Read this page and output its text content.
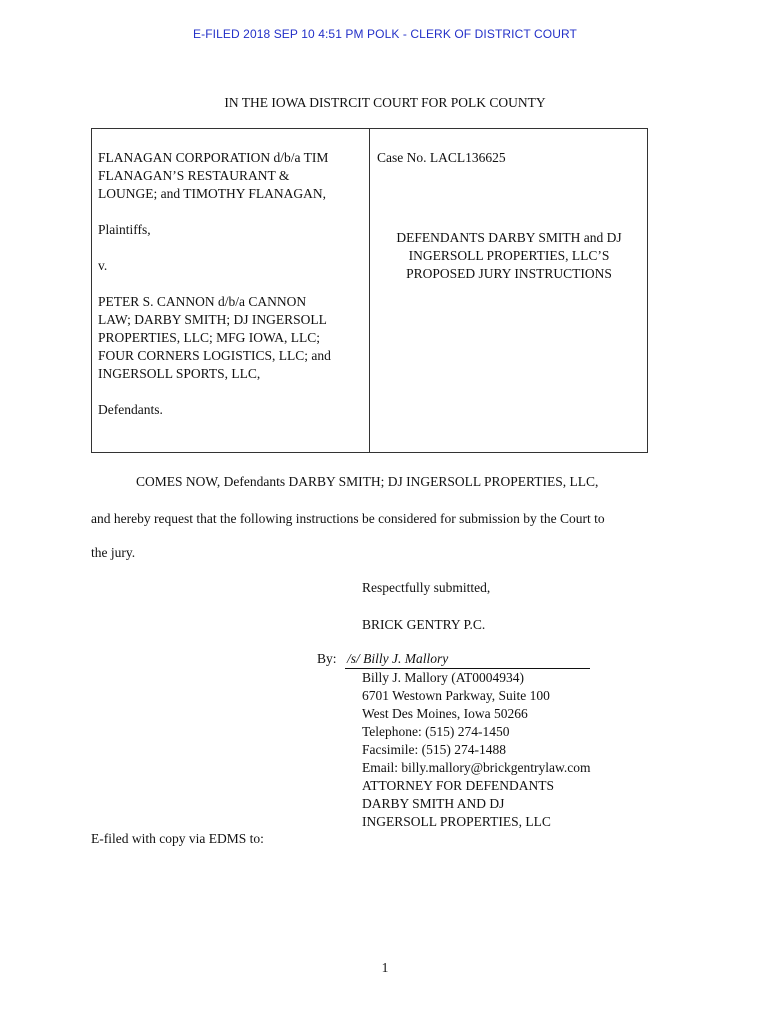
E-FILED 2018 SEP 10 4:51 PM POLK - CLERK OF DISTRICT COURT
IN THE IOWA DISTRCIT COURT FOR POLK COUNTY

FLANAGAN CORPORATION d/b/a TIM

FLANAGAN’S RESTAURANT &

LOUNGE; and TIMOTHY FLANAGAN,

Plaintiffs,

v.

PETER S. CANNON d/b/a CANNON

LAW; DARBY SMITH; DJ INGERSOLL

PROPERTIES, LLC; MFG IOWA, LLC;

FOUR CORNERS LOGISTICS, LLC; and

INGERSOLL SPORTS, LLC,

Defendants.

Case No. LACL136625

DEFENDANTS DARBY SMITH and DJ

INGERSOLL PROPERTIES, LLC’S

PROPOSED JURY INSTRUCTIONS

COMES NOW, Defendants DARBY SMITH; DJ INGERSOLL PROPERTIES, LLC,
and hereby request that the following instructions be considered for submission by the Court to
the jury.
Respectfully submitted,
BRICK GENTRY P.C.
By: /s/ Billy J. Mallory

Billy J. Mallory (AT0004934)

6701 Westown Parkway, Suite 100

West Des Moines, Iowa 50266

Telephone: (515) 274-1450

Facsimile: (515) 274-1488

Email: billy.mallory@brickgentrylaw.com

ATTORNEY FOR DEFENDANTS

DARBY SMITH AND DJ

INGERSOLL PROPERTIES, LLC

E-filed with copy via EDMS to:
1
